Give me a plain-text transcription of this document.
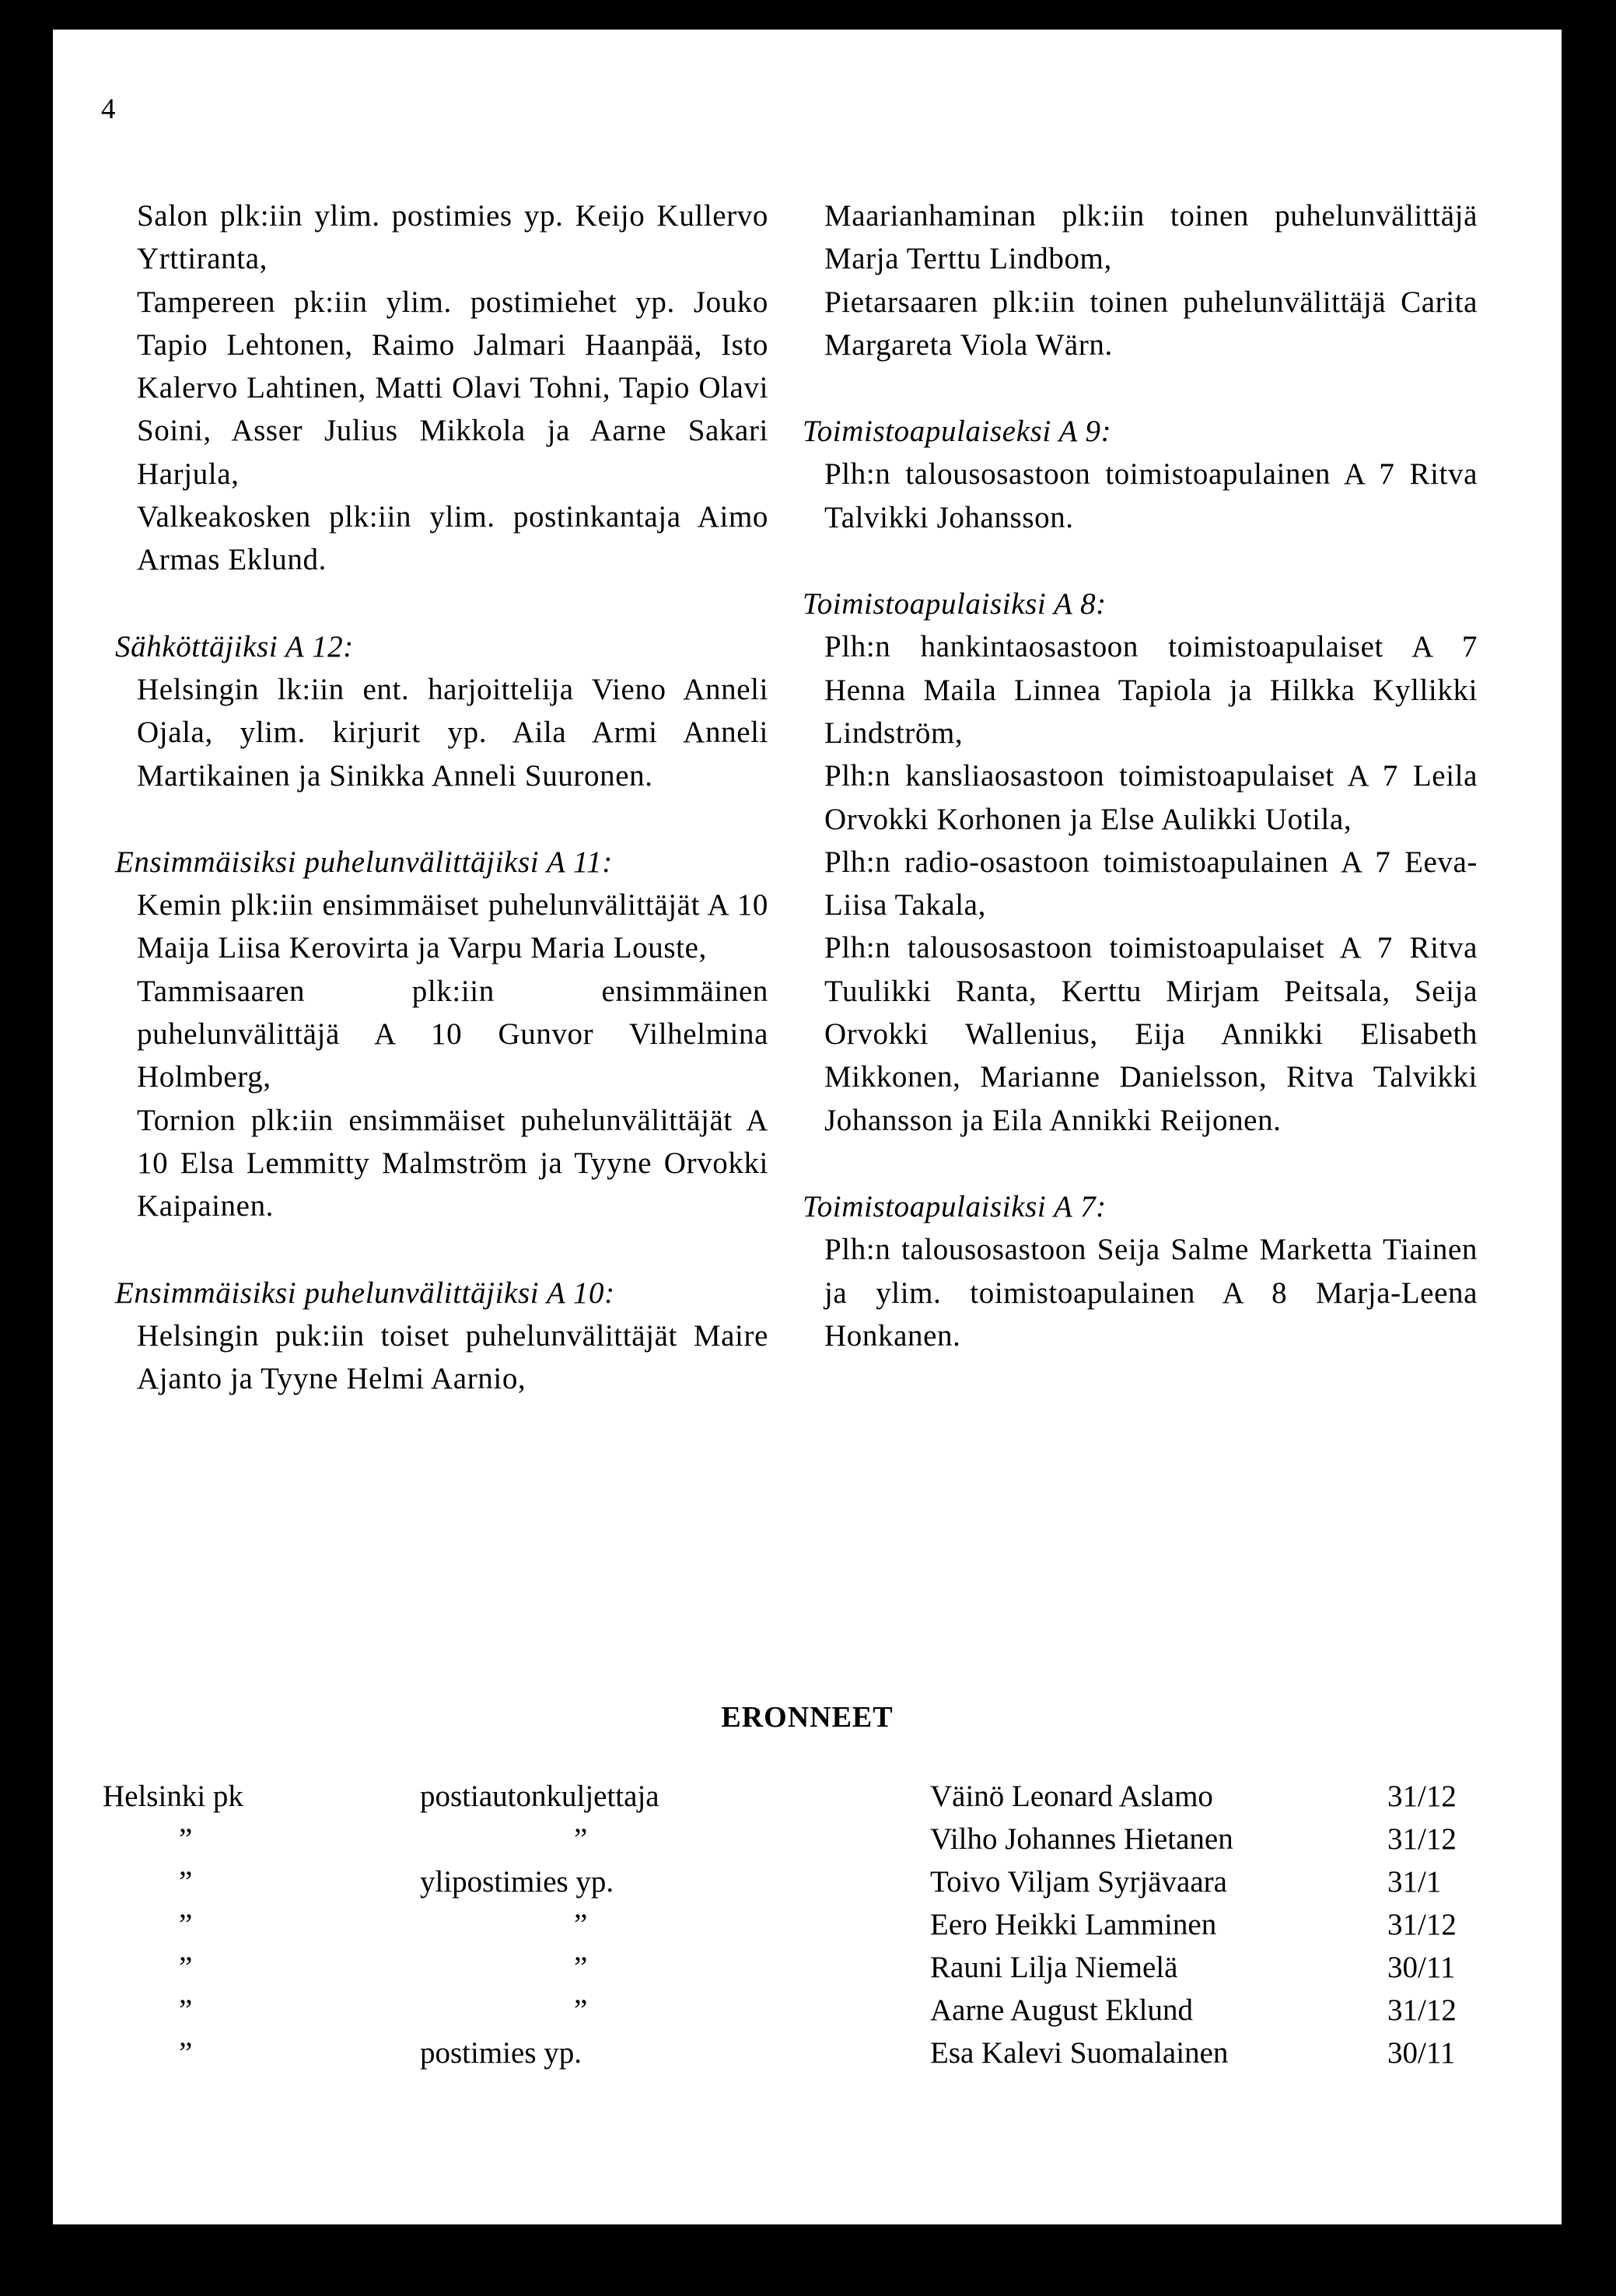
4

Salon plk:iin ylim. postimies yp. Keijo Kullervo Yrttiranta,

Tampereen pk:iin ylim. postimiehet yp. Jouko Tapio Lehtonen, Raimo Jalmari Haanpää, Isto Kalervo Lahtinen, Matti Olavi Tohni, Tapio Olavi Soini, Asser Julius Mikkola ja Aarne Sakari Harjula,

Valkeakosken plk:iin ylim. postinkantaja Aimo Armas Eklund.

Sähköttäjiksi A 12:

Helsingin lk:iin ent. harjoittelija Vieno Anneli Ojala, ylim. kirjurit yp. Aila Armi Anneli Martikainen ja Sinikka Anneli Suuronen.

Ensimmäisiksi puhelunvälittäjiksi A 11:

Kemin plk:iin ensimmäiset puhelunvälittäjät A 10 Maija Liisa Kerovirta ja Varpu Maria Louste,

Tammisaaren plk:iin ensimmäinen puhelunvälittäjä A 10 Gunvor Vilhelmina Holmberg,

Tornion plk:iin ensimmäiset puhelunvälittäjät A 10 Elsa Lemmitty Malmström ja Tyyne Orvokki Kaipainen.

Ensimmäisiksi puhelunvälittäjiksi A 10:

Helsingin puk:iin toiset puhelunvälittäjät Maire Ajanto ja Tyyne Helmi Aarnio,

Maarianhaminan plk:iin toinen puhelunvälittäjä Marja Terttu Lindbom,

Pietarsaaren plk:iin toinen puhelunvälittäjä Carita Margareta Viola Wärn.

Toimistoapulaiseksi A 9:

Plh:n talousosastoon toimistoapulainen A 7 Ritva Talvikki Johansson.

Toimistoapulaisiksi A 8:

Plh:n hankintaosastoon toimistoapulaiset A 7 Henna Maila Linnea Tapiola ja Hilkka Kyllikki Lindström,

Plh:n kansliaosastoon toimistoapulaiset A 7 Leila Orvokki Korhonen ja Else Aulikki Uotila,

Plh:n radio-osastoon toimistoapulainen A 7 Eeva-Liisa Takala,

Plh:n talousosastoon toimistoapulaiset A 7 Ritva Tuulikki Ranta, Kerttu Mirjam Peitsala, Seija Orvokki Wallenius, Eija Annikki Elisabeth Mikkonen, Marianne Danielsson, Ritva Talvikki Johansson ja Eila Annikki Reijonen.

Toimistoapulaisiksi A 7:

Plh:n talousosastoon Seija Salme Marketta Tiainen ja ylim. toimistoapulainen A 8 Marja-Leena Honkanen.

ERONNEET
Helsinki pk	postiautonkuljettaja	Väinö Leonard Aslamo	31/12
”	”	Vilho Johannes Hietanen	31/12
”	ylipostimies yp.	Toivo Viljam Syrjävaara	31/1
”	”	Eero Heikki Lamminen	31/12
”	”	Rauni Lilja Niemelä	30/11
”	”	Aarne August Eklund	31/12
”	postimies yp.	Esa Kalevi Suomalainen	30/11
